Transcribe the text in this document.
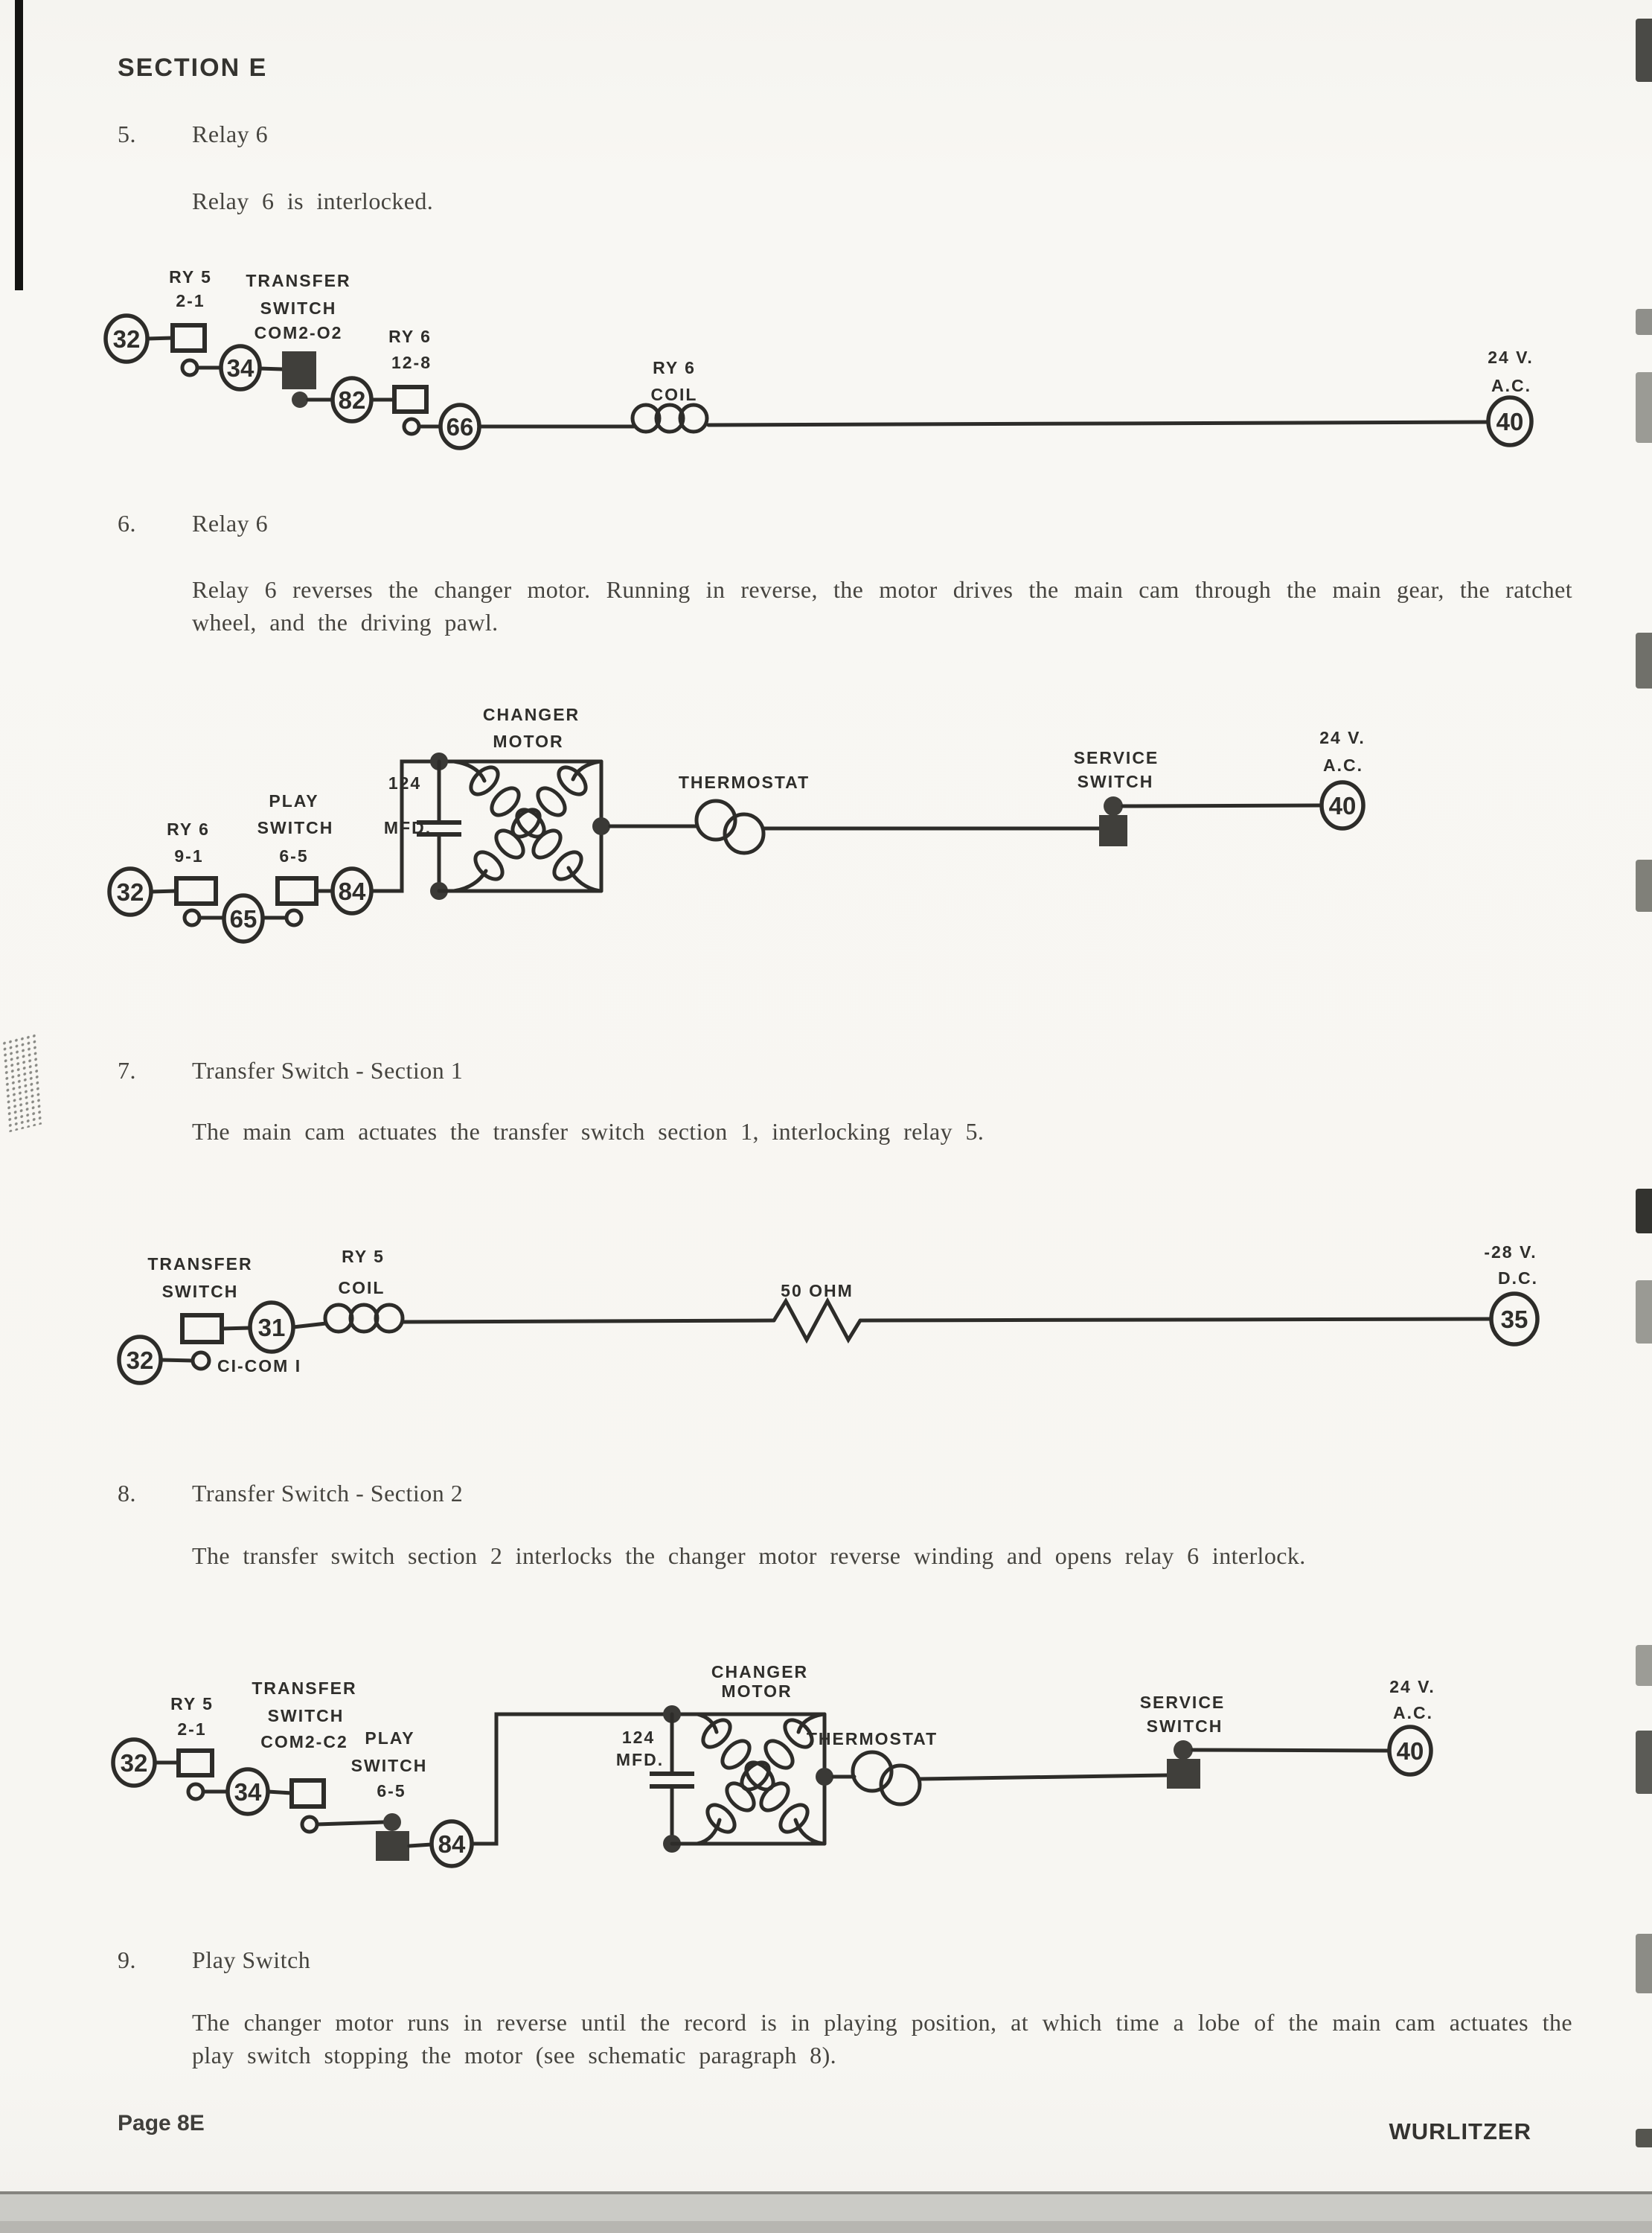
SECTION E
5. Relay 6
Relay 6 is interlocked.
RY 5
2-1
TRANSFER
SWITCH
COM2-O2	RY 6
12-8	RY 6
COIL
24 V.
A.C.
32
34
82
66	40
6. Relay 6
Relay 6 reverses the changer motor. Running in reverse, the motor drives the main cam through the main gear, the ratchet wheel, and the driving pawl.
RY 6
9-1
PLAY
SWITCH
6-5
124
MFD.
CHANGER
MOTOR
THERMOSTAT
SERVICE
SWITCH
24 V.
A.C.
32
65
84
40
7. Transfer Switch - Section 1
The main cam actuates the transfer switch section 1, interlocking relay 5.
TRANSFER
SWITCH
RY 5
COIL	50 OHM
-28 V.
D.C.
CI-COM I
32
31	35
8. Transfer Switch - Section 2
The transfer switch section 2 interlocks the changer motor reverse winding and opens relay 6 interlock.
RY 5
2-1
TRANSFER
SWITCH
COM2-C2 PLAY
SWITCH
6-5
124
MFD.
CHANGER
MOTOR
THERMOSTAT
SERVICE
SWITCH
24 V.
A.C.
32
34
84
40
9. Play Switch
The changer motor runs in reverse until the record is in playing position, at which time a lobe of the main cam actuates the play switch stopping the motor (see schematic paragraph 8).
Page 8E	WURLITZER
